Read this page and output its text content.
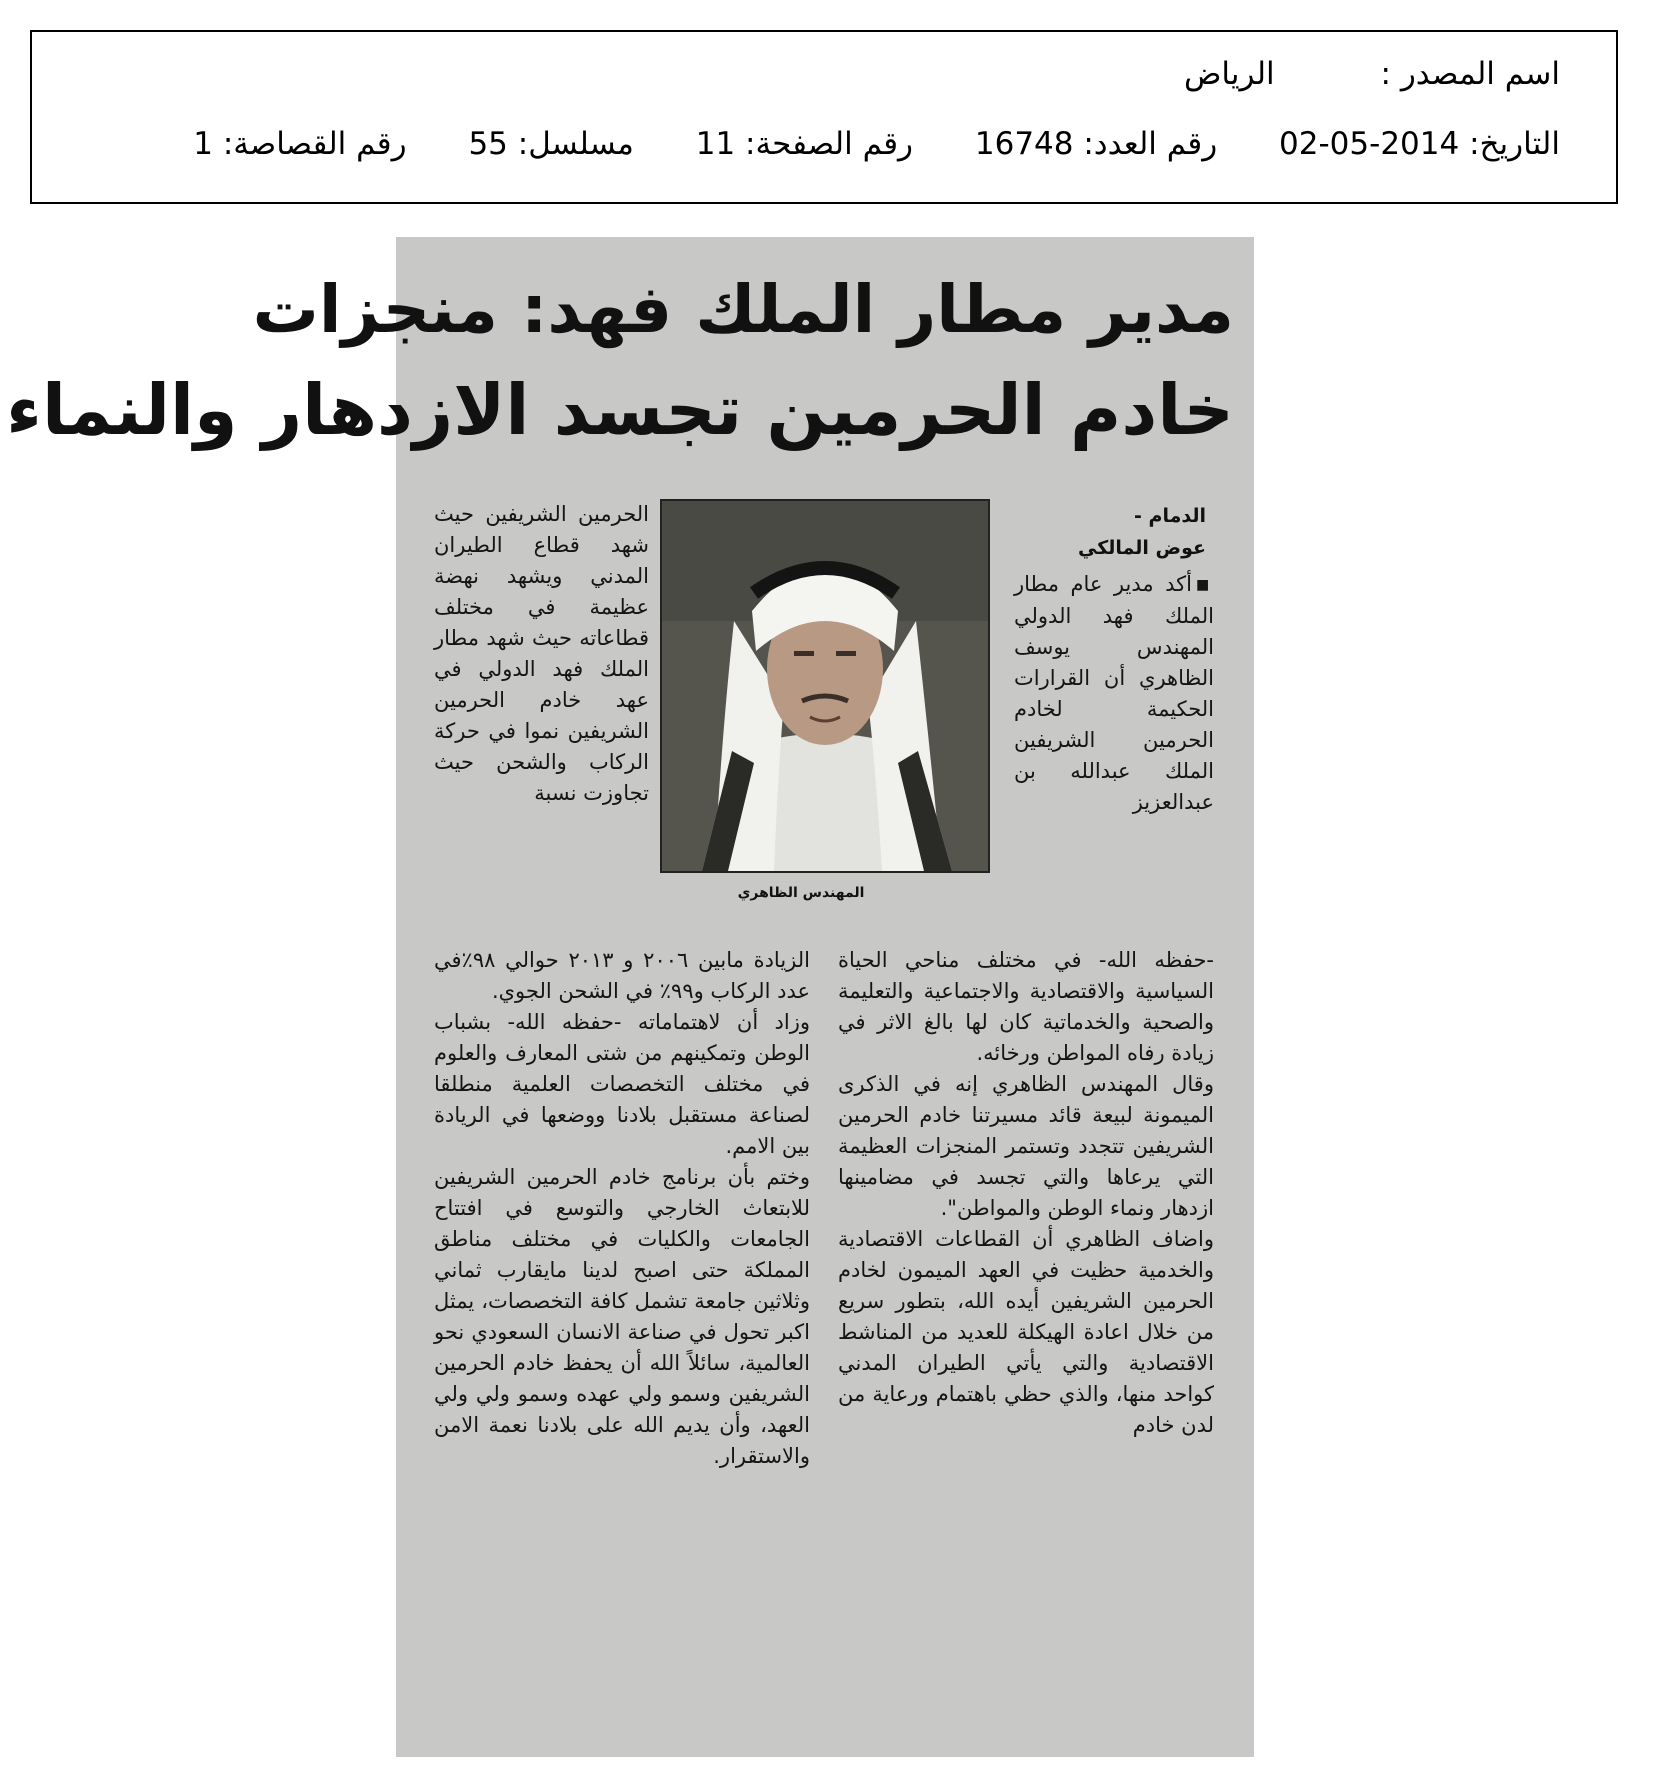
اسم المصدر : الرياض
التاريخ: 2014-05-02 رقم العدد: 16748 رقم الصفحة: 11 مسلسل: 55 رقم القصاصة: 1
مدير مطار الملك فهد: منجزات
خادم الحرمين تجسد الازدهار والنماء
الدمام -
عوض المالكي
المهندس الظاهري

■أكد مدير عام مطار الملك فهد الدولي المهندس يوسف الظاهري أن القرارات الحكيمة لخادم الحرمين الشريفين الملك عبدالله بن عبدالعزيز

الحرمين الشريفين حيث شهد قطاع الطيران المدني ويشهد نهضة عظيمة في مختلف قطاعاته حيث شهد مطار الملك فهد الدولي في عهد خادم الحرمين الشريفين نموا في حركة الركاب والشحن حيث تجاوزت نسبة

-حفظه الله- في مختلف مناحي الحياة السياسية والاقتصادية والاجتماعية والتعليمة والصحية والخدماتية كان لها بالغ الاثر في زيادة رفاه المواطن ورخائه.

وقال المهندس الظاهري إنه في الذكرى الميمونة لبيعة قائد مسيرتنا خادم الحرمين الشريفين تتجدد وتستمر المنجزات العظيمة التي يرعاها والتي تجسد في مضامينها ازدهار ونماء الوطن والمواطن".

واضاف الظاهري أن القطاعات الاقتصادية والخدمية حظيت في العهد الميمون لخادم الحرمين الشريفين أيده الله، بتطور سريع من خلال اعادة الهيكلة للعديد من المناشط الاقتصادية والتي يأتي الطيران المدني كواحد منها، والذي حظي باهتمام ورعاية من لدن خادم

الزيادة مابين ٢٠٠٦ و ٢٠١٣ حوالي ٩٨٪في عدد الركاب و٩٩٪ في الشحن الجوي.

وزاد أن لاهتماماته -حفظه الله- بشباب الوطن وتمكينهم من شتى المعارف والعلوم في مختلف التخصصات العلمية منطلقا لصناعة مستقبل بلادنا ووضعها في الريادة بين الامم.

وختم بأن برنامج خادم الحرمين الشريفين للابتعاث الخارجي والتوسع في افتتاح الجامعات والكليات في مختلف مناطق المملكة حتى اصبح لدينا مايقارب ثماني وثلاثين جامعة تشمل كافة التخصصات، يمثل اكبر تحول في صناعة الانسان السعودي نحو العالمية، سائلاً الله أن يحفظ خادم الحرمين الشريفين وسمو ولي عهده وسمو ولي ولي العهد، وأن يديم الله على بلادنا نعمة الامن والاستقرار.
